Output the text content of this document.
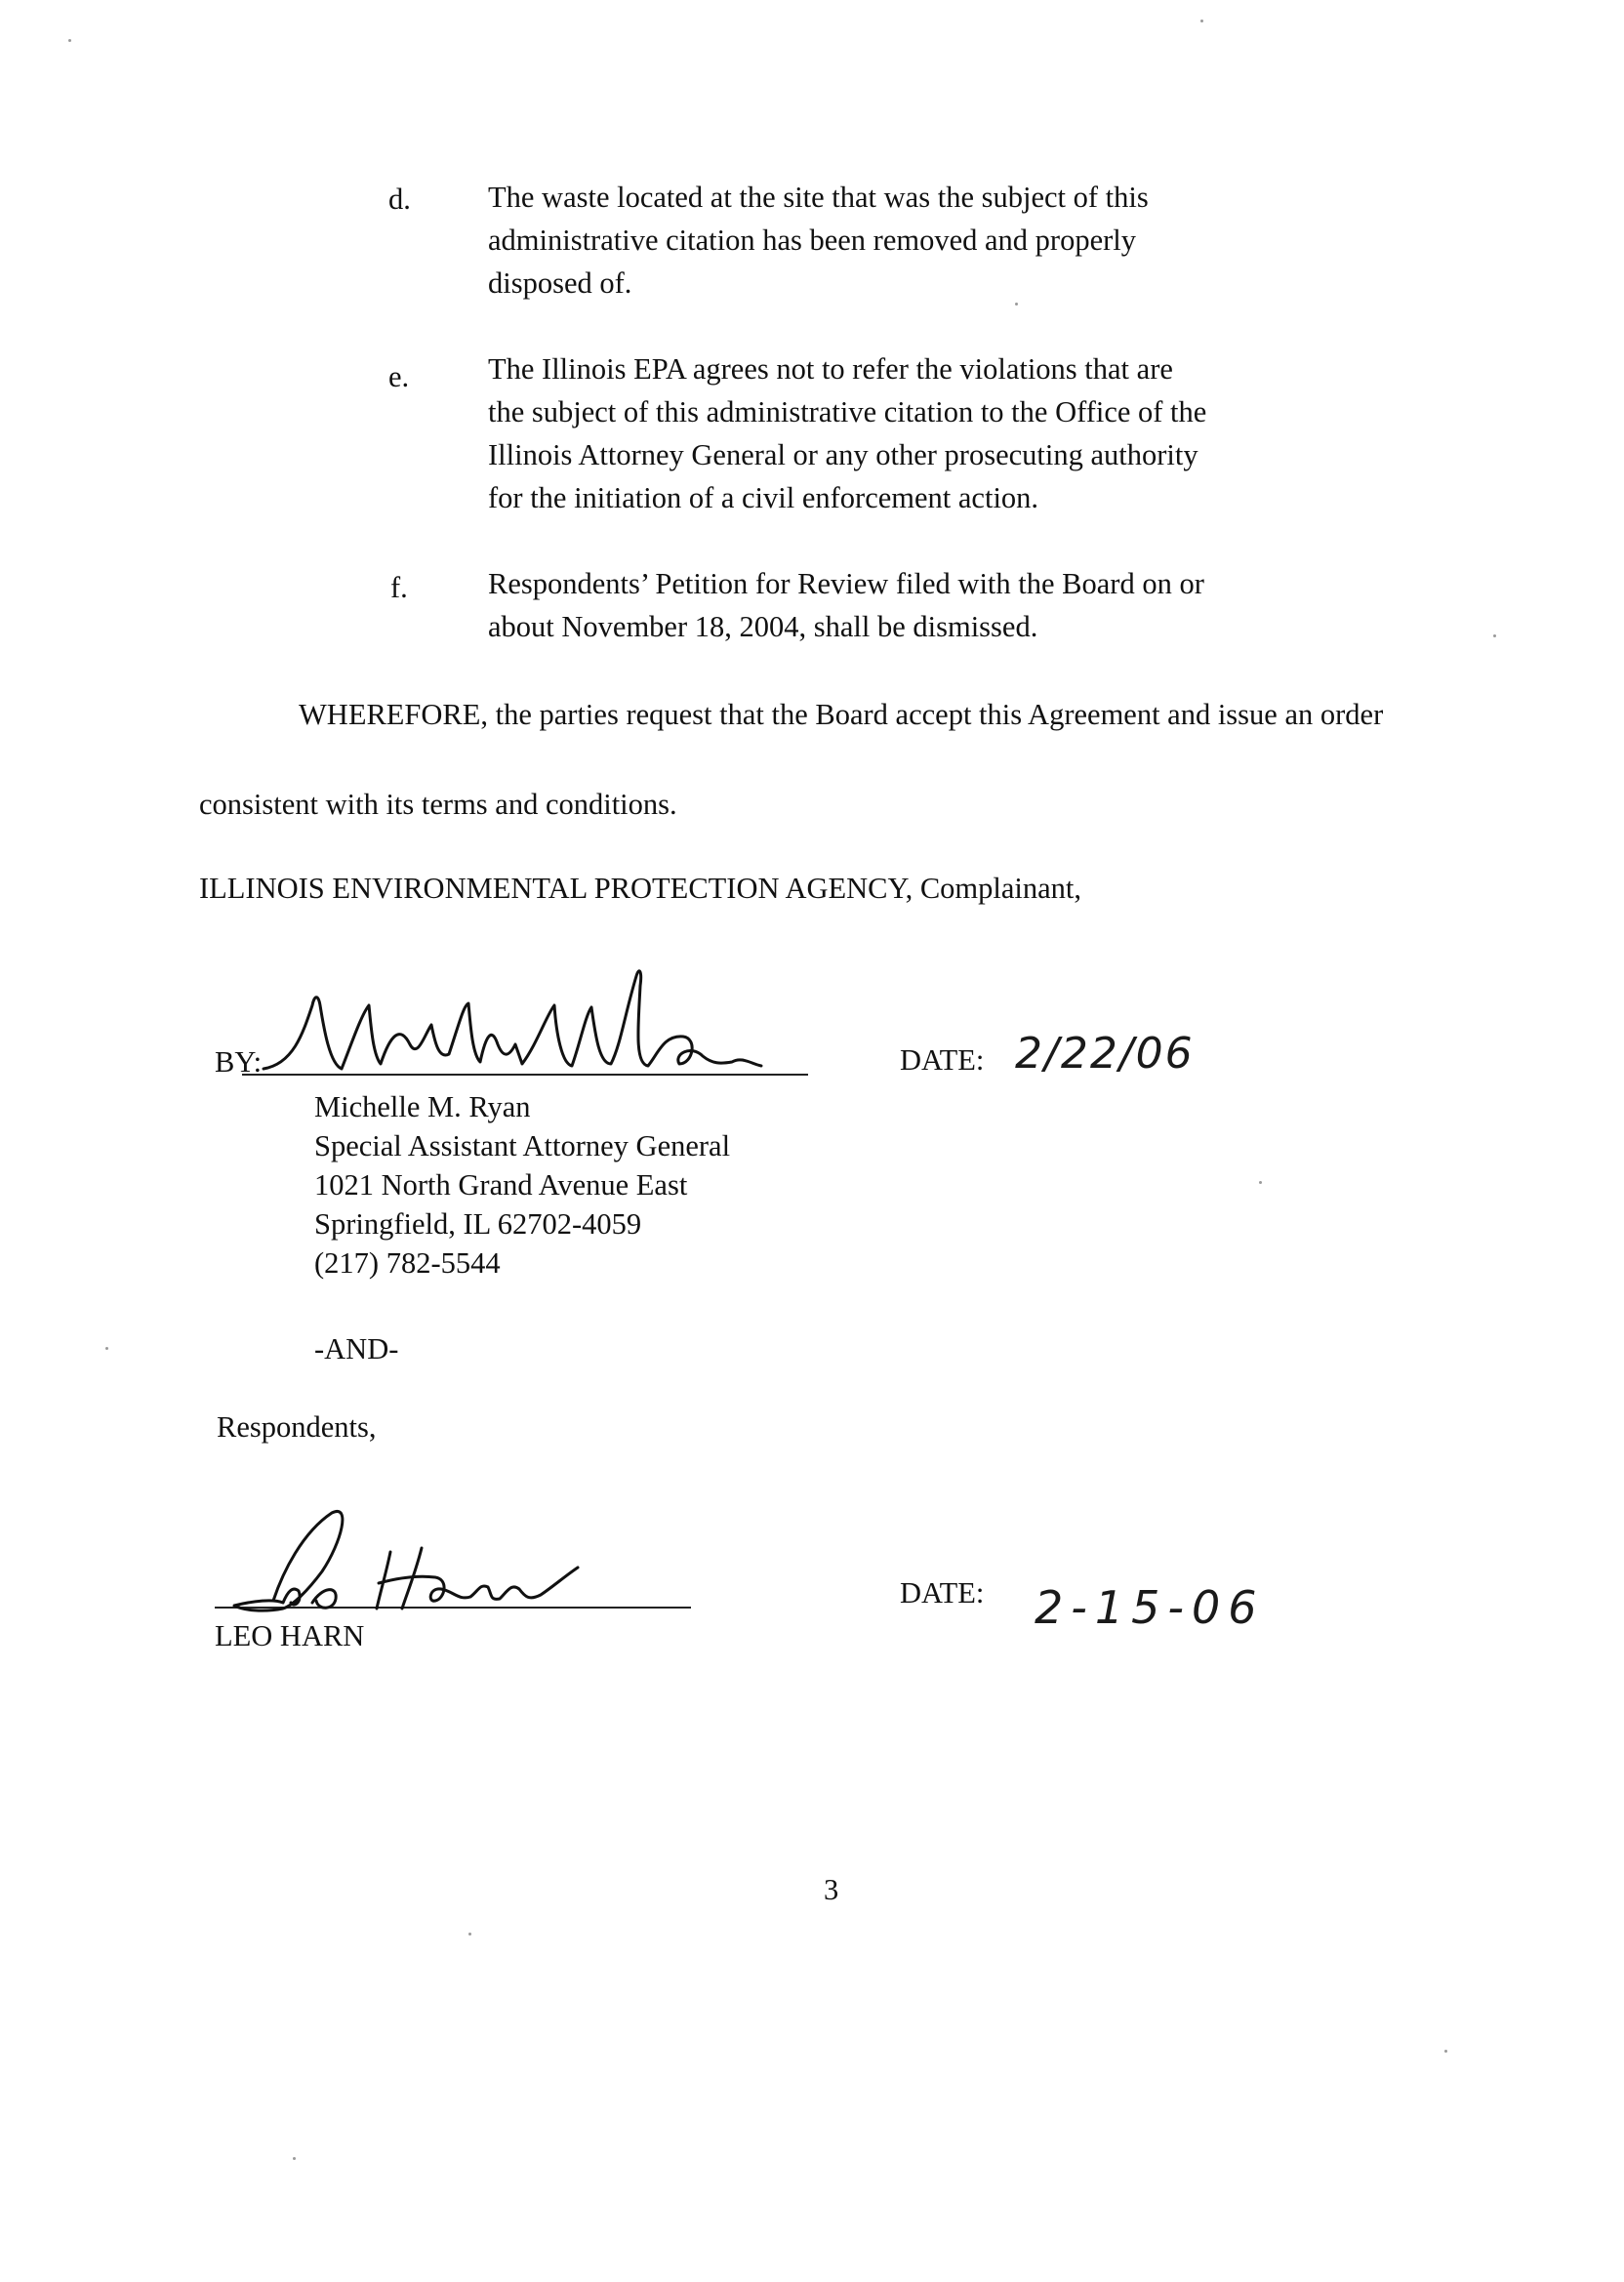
d.	The waste located at the site that was the subject of this
administrative citation has been removed and properly
disposed of.
e.	The Illinois EPA agrees not to refer the violations that are
the subject of this administrative citation to the Office of the
Illinois Attorney General or any other prosecuting authority
for the initiation of a civil enforcement action.
f.	Respondents’ Petition for Review filed with the Board on or
about November 18, 2004, shall be dismissed.
WHEREFORE, the parties request that the Board accept this Agreement and issue an order
consistent with its terms and conditions.
ILLINOIS ENVIRONMENTAL PROTECTION AGENCY, Complainant,
BY:	DATE: 2/22/06
Michelle M. Ryan
Special Assistant Attorney General
1021 North Grand Avenue East
Springfield, IL 62702-4059
(217) 782-5544
-AND-
Respondents,
LEO HARN
DATE: 2-15-06
3
